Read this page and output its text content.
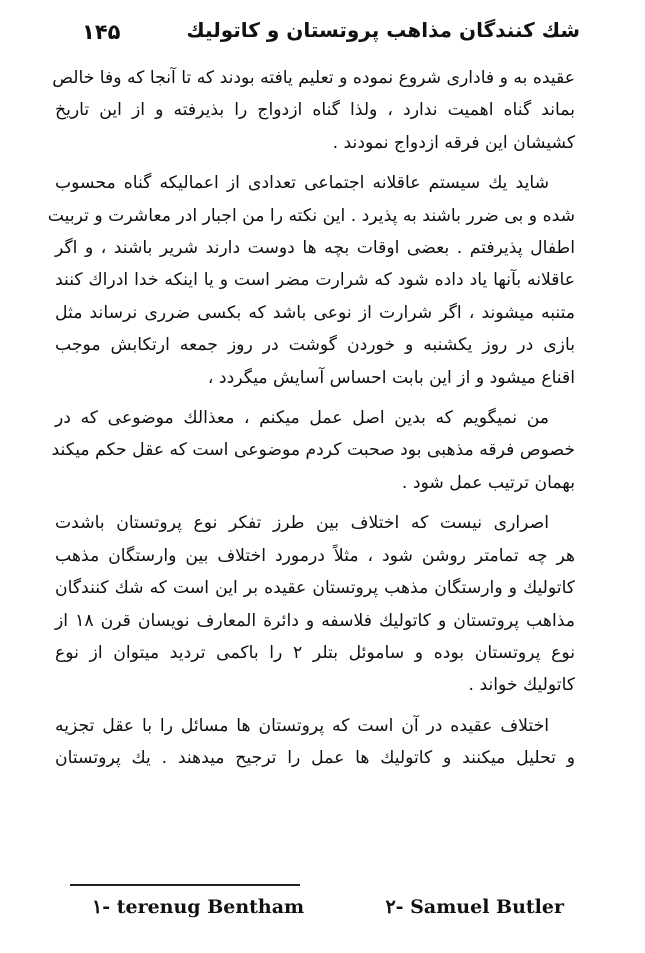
۱۴۵	شك كنندگان مذاهب پروتستان و كاتوليك
عقیده به و فاداری شروع نموده و تعلیم یافته بودند که تا آنجا که وفا خالص
بماند گناه اهمیت ندارد ، ولذا گناه ازدواج را بذیرفته و از این تاریخ
کشیشان این فرقه ازدواج نمودند .
شاید یك سیستم عاقلانه اجتماعی تعدادی از اعمالیکه گناه محسوب
شده و بی ضرر باشند به پذیرد . این نکته را من اجبار ادر معاشرت و تربیت
اطفال پذیرفتم . بعضی اوقات بچه ها دوست دارند شریر باشند ، و اگر
عاقلانه بآنها یاد داده شود که شرارت مضر است و یا اینکه خدا ادراك كنند
متنبه میشوند ، اگر شرارت از نوعی باشد که بکسی ضرری نرساند مثل
بازی در روز یکشنبه و خوردن گوشت در روز جمعه ارتکابش موجب
اقناع میشود و از این بابت احساس آسایش میگردد ،
من نمیگویم که بدین اصل عمل میکنم ، معذالك موضوعی که در
خصوص فرقه مذهبی بود صحبت کردم موضوعی است که عقل حکم میکند
بهمان ترتیب عمل شود .
اصراری نیست که اختلاف بین طرز تفکر نوع پروتستان باشدت
هر چه تمامتر روشن شود ، مثلاً درمورد اختلاف بین وارستگان مذهب
کاتولیك و وارستگان مذهب پروتستان عقیده بر این است که شك كنندگان
مذاهب پروتستان و کاتولیك فلاسفه و دائرة المعارف نویسان قرن ۱۸ از
نوع پروتستان بوده و ساموئل بتلر ۲ را باکمی تردید میتوان از نوع
کاتولیك خواند .
اختلاف عقیده در آن است که پروتستان ها مسائل را با عقل تجزیه
و تحلیل میکنند و کاتولیك ها عمل را ترجیح میدهند . یك پروتستان
۱- terenug Bentham	۲- Samuel Butler
